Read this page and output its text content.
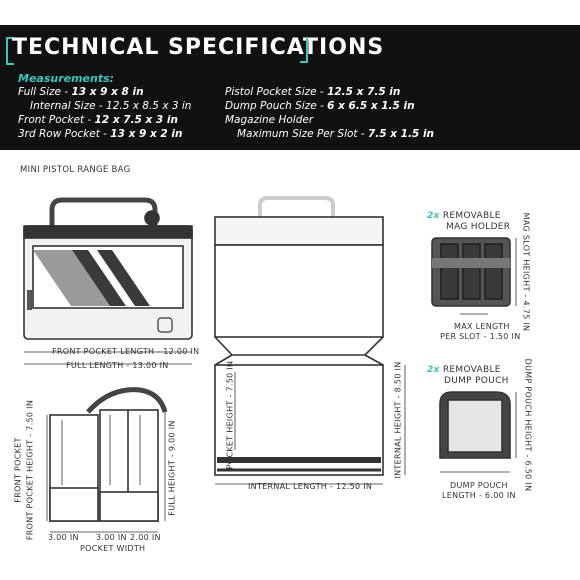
TECHNICAL SPECIFICATIONS
Measurements:
Full Size - 13 x 9 x 8 in
Internal Size - 12.5 x 8.5 x 3 in
Front Pocket - 12 x 7.5 x 3 in
3rd Row Pocket - 13 x 9 x 2 in
Pistol Pocket Size - 12.5 x 7.5 in
Dump Pouch Size - 6 x 6.5 x 1.5 in
Magazine Holder
Maximum Size Per Slot - 7.5 x 1.5 in
MINI PISTOL RANGE BAG
FRONT POCKET LENGTH - 12.00 IN
FULL LENGTH - 13.00 IN
3.00 IN 3.00 IN 2.00 IN
POCKET WIDTH
INTERNAL LENGTH - 12.50 IN
POCKET HEIGHT - 7.50 IN	INTERNAL HEIGHT - 8.50 IN
FRONT POCKET FRONT POCKET HEIGHT - 7.50 IN	FULL HEIGHT - 9.00 IN
2x REMOVABLE
MAG HOLDER MAG SLOT HEIGHT - 4.75 IN
MAX LENGTH
PER SLOT - 1.50 IN
2x REMOVABLE
DUMP POUCH DUMP POUCH HEIGHT - 6.50 IN
DUMP POUCH
LENGTH - 6.00 IN
